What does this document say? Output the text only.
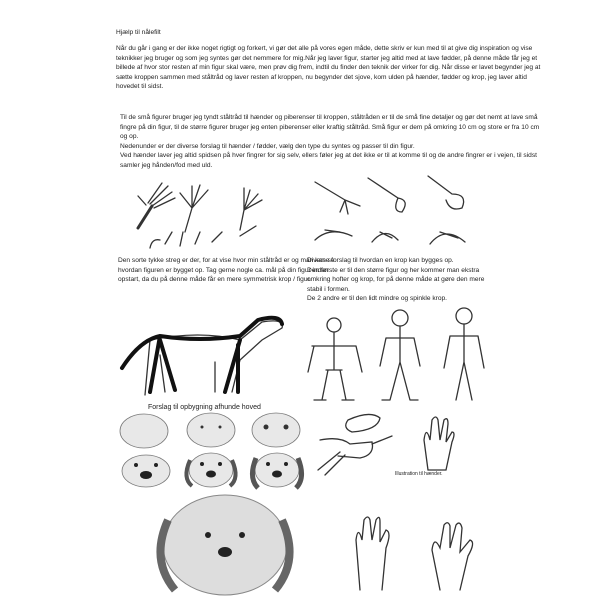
Hjælp til nålefilt
Når du går i gang er der ikke noget rigtigt og forkert, vi gør det alle på vores egen måde, dette skriv er kun med til at give dig inspiration og vise teknikker jeg bruger og som jeg syntes gør det nemmere for mig.Når jeg laver figur, starter jeg altid med at lave fødder, på denne måde får jeg et billede af hvor stor resten af min figur skal være, men prøv dig frem, indtil du finder den teknik der virker for dig. Når disse er lavet begynder jeg at sætte kroppen sammen med ståltråd og laver resten af kroppen, nu begynder det sjove, kom ulden på hænder, fødder og krop, jeg laver altid hovedet til sidst.
Til de små figurer bruger jeg tyndt ståltråd til hænder og piberenser til kroppen, ståltråden er til de små fine detaljer og gør det nemt at lave små fingre på din figur, til de større figurer bruger jeg enten piberenser eller kraftig ståltråd. Små figur er dem på omkring 10 cm og store er fra 10 cm og op.
Nedenunder er der diverse forslag til hænder / fødder, vælg den type du syntes og passer til din figur.
Ved hænder laver jeg altid spidsen på hver fingrer for sig selv, ellers føler jeg at det ikke er til at komme til og de andre fingrer er i vejen, til sidst samler jeg hånden/fod med uld.
Den sorte tykke streg er der, for at vise hvor min ståltråd er og man kan se hvordan figuren er bygget op. Tag gerne nogle ca. mål på din figur inden opstart, da du på denne måde får en mere symmetrisk krop / figur.
Diverse forslag til hvordan en krop kan bygges op.
Den første er til den større figur og her kommer man ekstra omkring hofter og krop, for på denne måde at gøre den mere stabil i formen.
De 2 andre er til den lidt mindre og spinkle krop.
Forslag til opbygning afhunde hoved
Illustration til hænder.
